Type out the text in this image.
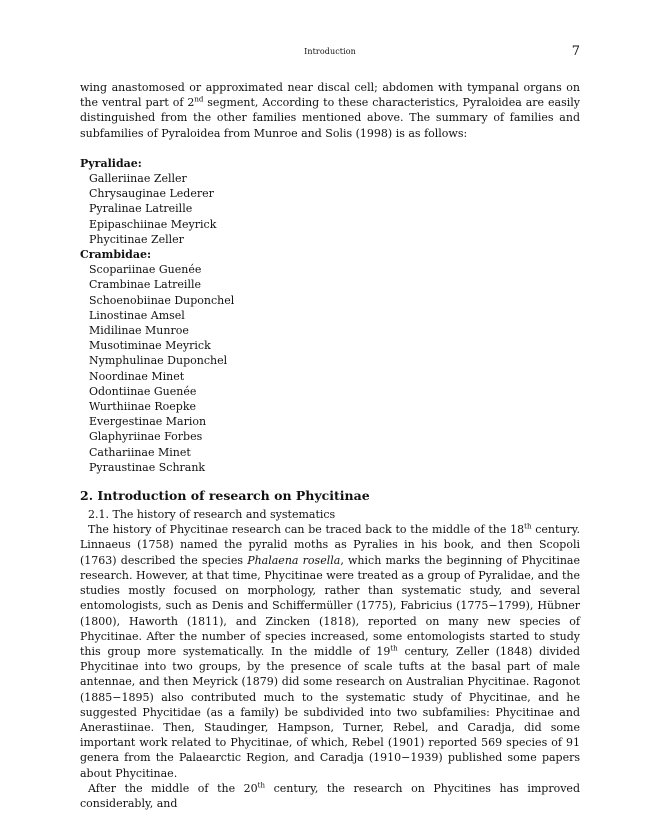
Introduction	7

wing anastomosed or approximated near discal cell; abdomen with tympanal organs on the ventral part of 2nd segment, According to these characteristics, Pyraloidea are easily distinguished from the other families mentioned above. The summary of families and subfamilies of Pyraloidea from Munroe and Solis (1998) is as follows:

Pyralidae:
Galleriinae Zeller
Chrysauginae Lederer
Pyralinae Latreille
Epipaschiinae Meyrick
Phycitinae Zeller
Crambidae:
Scopariinae Guenée
Crambinae Latreille
Schoenobiinae Duponchel
Linostinae Amsel
Midilinae Munroe
Musotiminae Meyrick
Nymphulinae Duponchel
Noordinae Minet
Odontiinae Guenée
Wurthiinae Roepke
Evergestinae Marion
Glaphyriinae Forbes
Cathariinae Minet
Pyraustinae Schrank
2. Introduction of research on Phycitinae

2.1. The history of research and systematics

The history of Phycitinae research can be traced back to the middle of the 18th century. Linnaeus (1758) named the pyralid moths as Pyralies in his book, and then Scopoli (1763) described the species Phalaena rosella, which marks the beginning of Phycitinae research. However, at that time, Phycitinae were treated as a group of Pyralidae, and the studies mostly focused on morphology, rather than systematic study, and several entomologists, such as Denis and Schiffermüller (1775), Fabricius (1775−1799), Hübner (1800), Haworth (1811), and Zincken (1818), reported on many new species of Phycitinae. After the number of species increased, some entomologists started to study this group more systematically. In the middle of 19th century, Zeller (1848) divided Phycitinae into two groups, by the presence of scale tufts at the basal part of male antennae, and then Meyrick (1879) did some research on Australian Phycitinae. Ragonot (1885−1895) also contributed much to the systematic study of Phycitinae, and he suggested Phycitidae (as a family) be subdivided into two subfamilies: Phycitinae and Anerastiinae. Then, Staudinger, Hampson, Turner, Rebel, and Caradja, did some important work related to Phycitinae, of which, Rebel (1901) reported 569 species of 91 genera from the Palaearctic Region, and Caradja (1910−1939) published some papers about Phycitinae.

After the middle of the 20th century, the research on Phycitines has improved considerably, and
